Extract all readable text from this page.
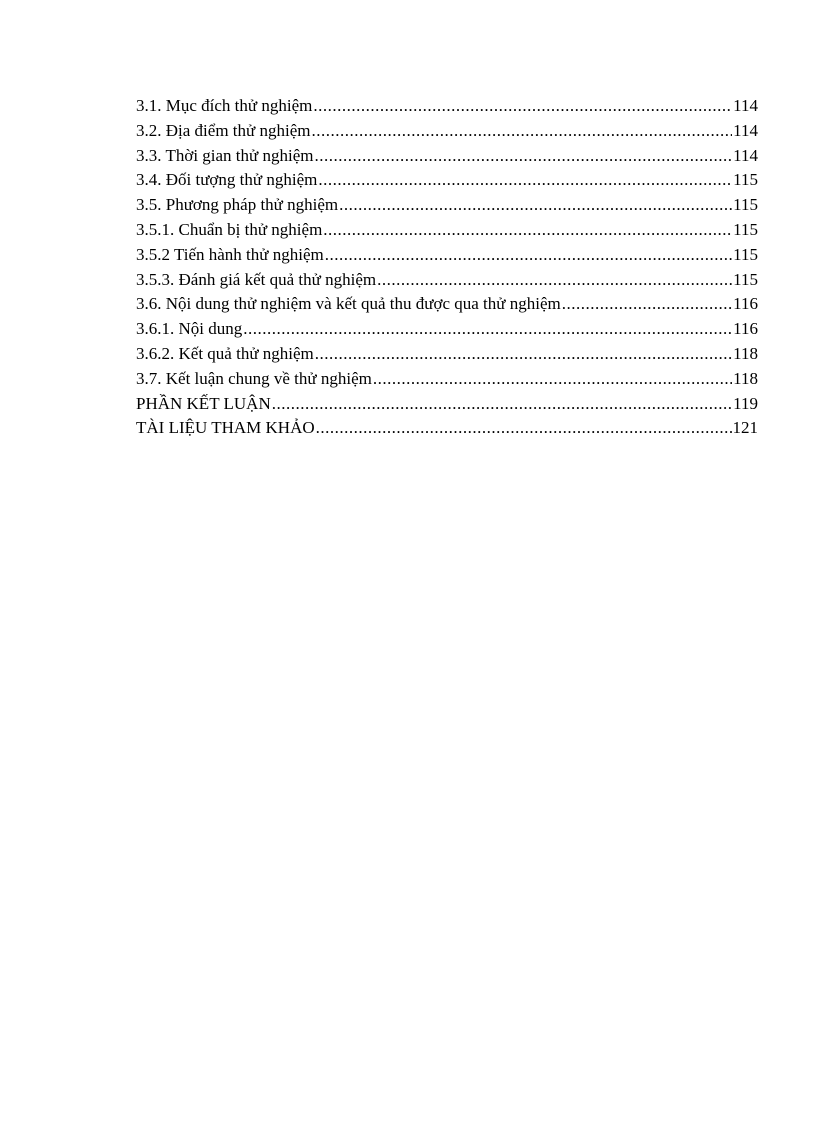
3.1. Mục đích thử nghiệm .....	114
3.2. Địa điểm thử nghiệm .....	114
3.3. Thời gian thử nghiệm .....	114
3.4. Đối tượng thử nghiệm .....	115
3.5. Phương pháp thử nghiệm .....	115
3.5.1. Chuẩn bị thử nghiệm .....	115
3.5.2 Tiến hành thử nghiệm .....	115
3.5.3. Đánh giá kết quả thử nghiệm .....	115
3.6. Nội dung thử nghiệm và kết quả thu được qua thử nghiệm .....	116
3.6.1. Nội dung .....	116
3.6.2. Kết quả thử nghiệm .....	118
3.7. Kết luận chung về thử nghiệm .....	118
PHẦN KẾT LUẬN .....	119
TÀI LIỆU THAM KHẢO .....	121
